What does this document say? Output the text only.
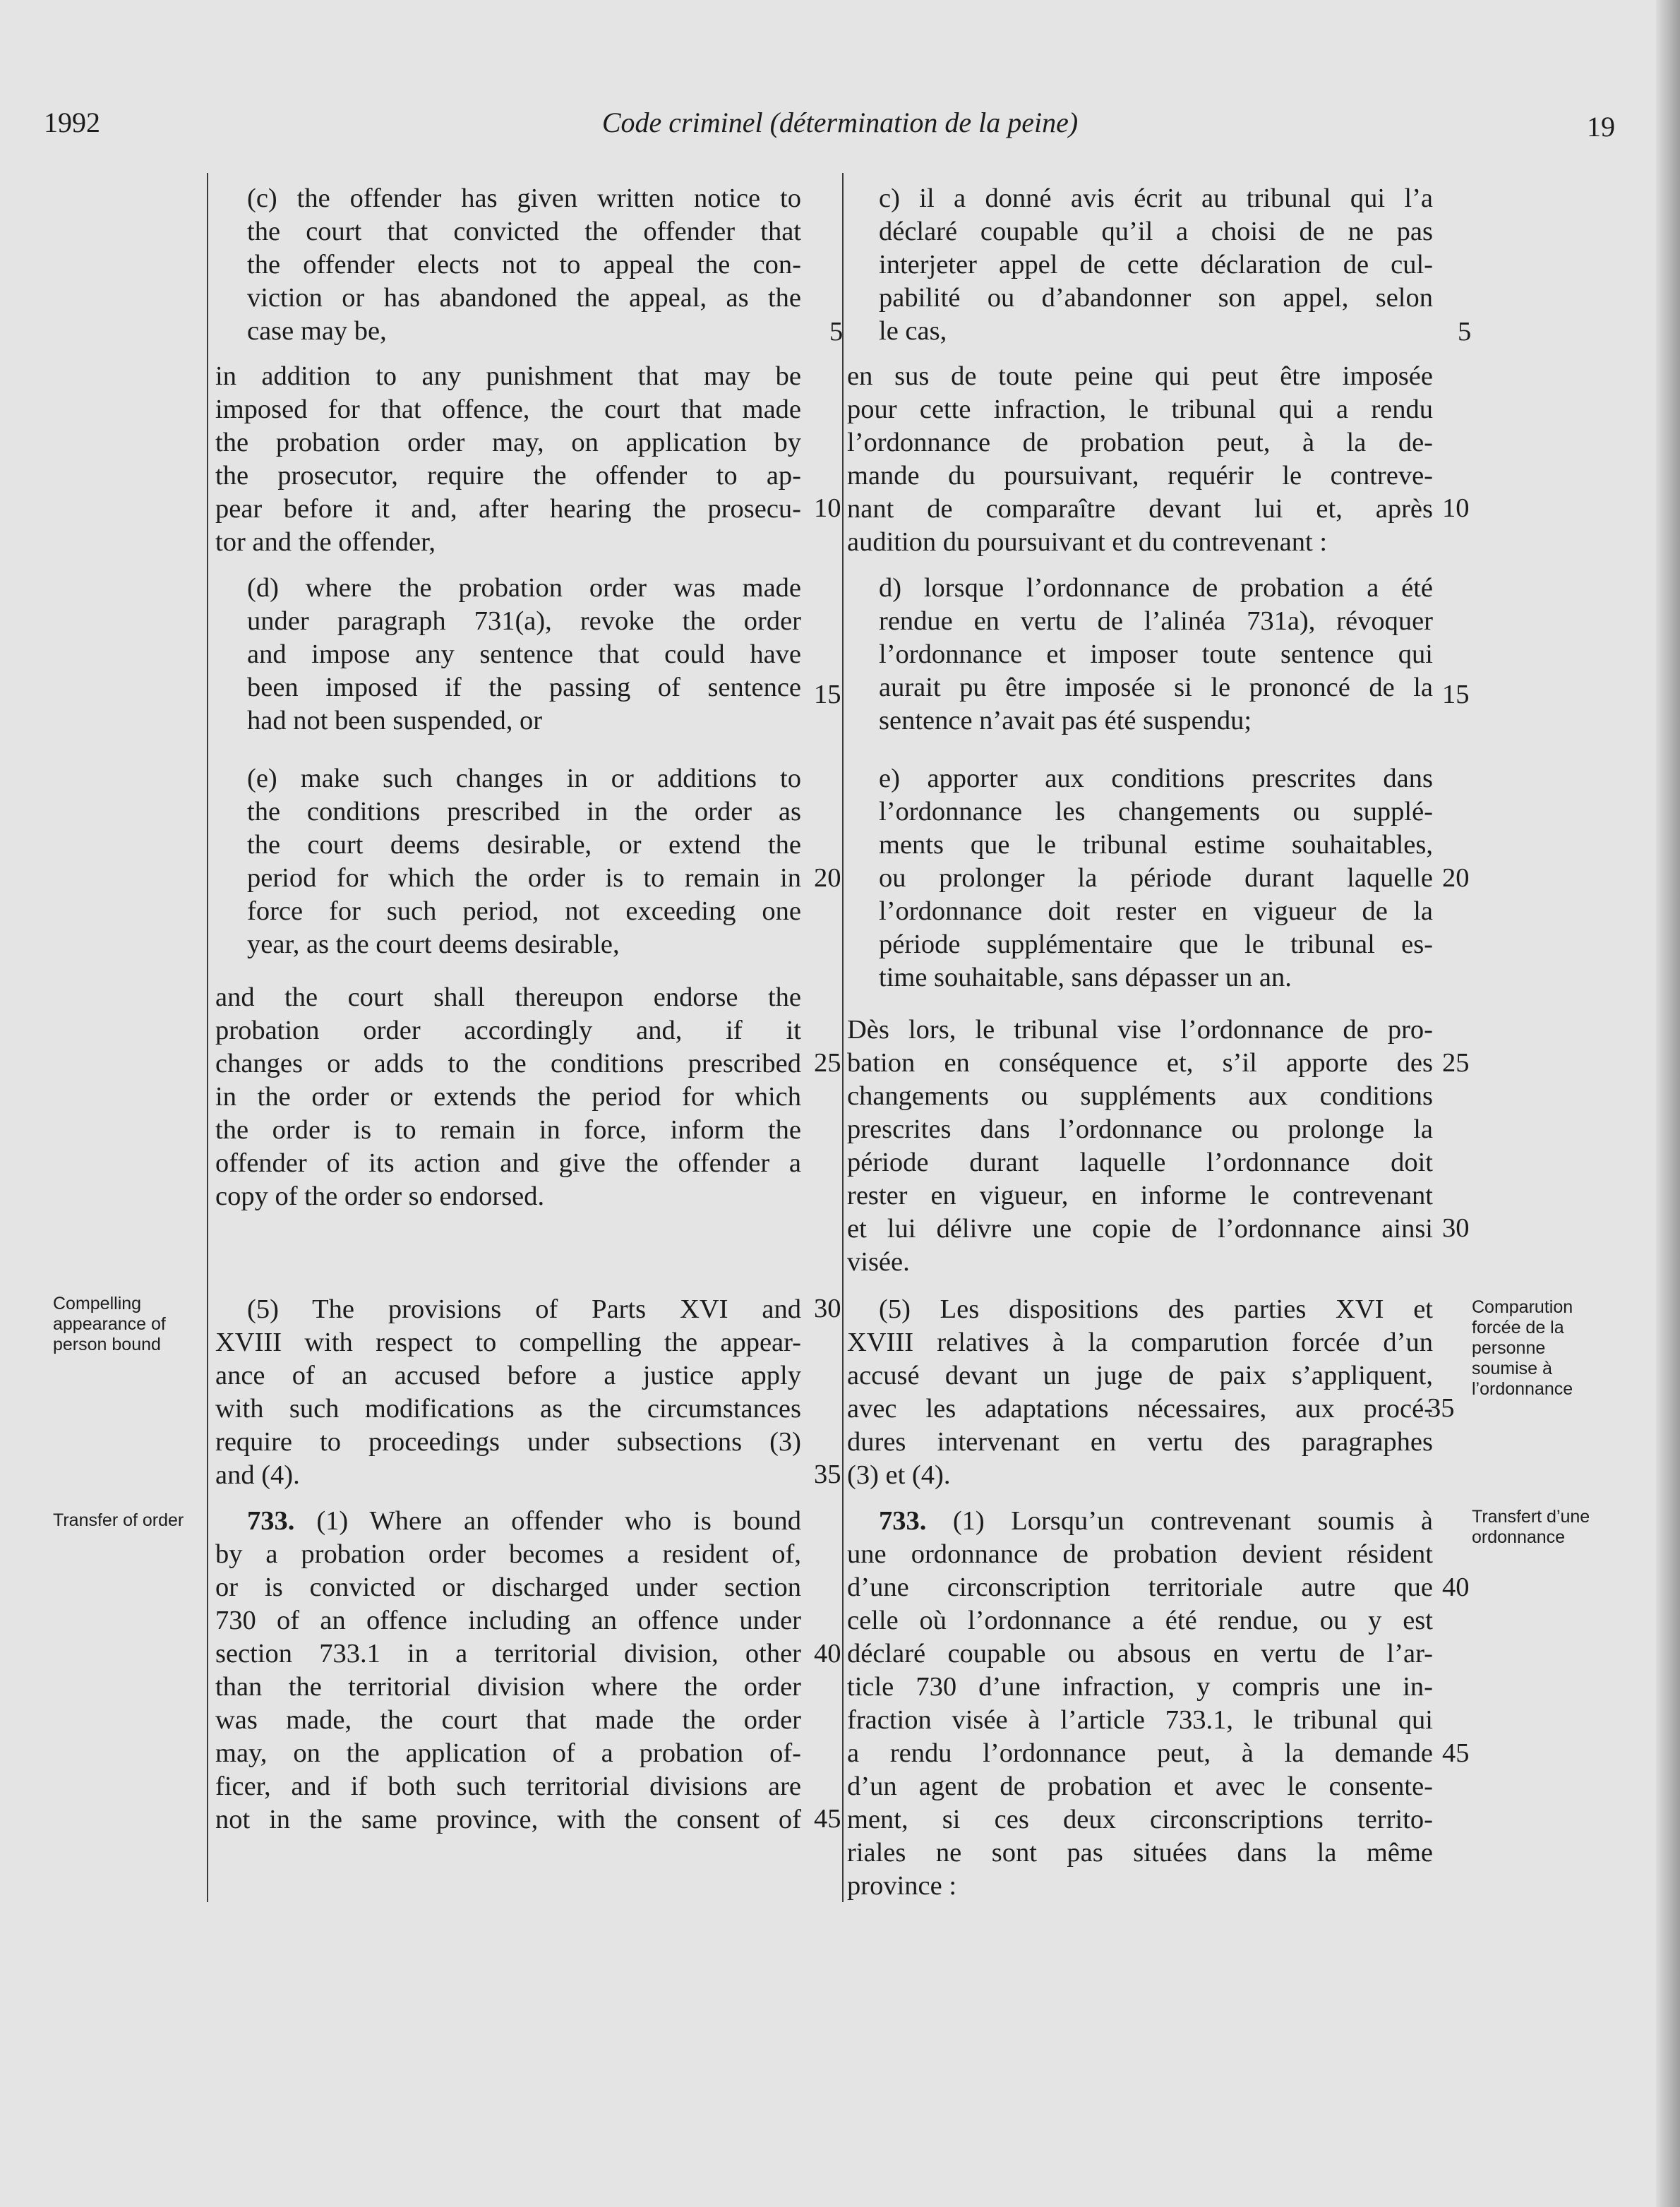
1992	Code criminel (détermination de la peine)	19
Compelling appearance of person bound
Transfer of order
Comparution forcée de la personne soumise à l’ordonnance
Transfert d’une ordonnance
(c) the offender has given written notice to
the court that convicted the offender that
the offender elects not to appeal the con-
viction or has abandoned the appeal, as the
case may be,
in addition to any punishment that may be
imposed for that offence, the court that made
the probation order may, on application by
the prosecutor, require the offender to ap-
pear before it and, after hearing the prosecu-
tor and the offender,
(d) where the probation order was made
under paragraph 731(a), revoke the order
and impose any sentence that could have
been imposed if the passing of sentence
had not been suspended, or
(e) make such changes in or additions to
the conditions prescribed in the order as
the court deems desirable, or extend the
period for which the order is to remain in
force for such period, not exceeding one
year, as the court deems desirable,
and the court shall thereupon endorse the
probation order accordingly and, if it
changes or adds to the conditions prescribed
in the order or extends the period for which
the order is to remain in force, inform the
offender of its action and give the offender a
copy of the order so endorsed.
(5) The provisions of Parts XVI and
XVIII with respect to compelling the appear-
ance of an accused before a justice apply
with such modifications as the circumstances
require to proceedings under subsections (3)
and (4).
733. (1) Where an offender who is bound
by a probation order becomes a resident of,
or is convicted or discharged under section
730 of an offence including an offence under
section 733.1 in a territorial division, other
than the territorial division where the order
was made, the court that made the order
may, on the application of a probation of-
ficer, and if both such territorial divisions are
not in the same province, with the consent of
5
10
15
20
25
30
35
40
45
c) il a donné avis écrit au tribunal qui l’a
déclaré coupable qu’il a choisi de ne pas
interjeter appel de cette déclaration de cul-
pabilité ou d’abandonner son appel, selon
le cas,
en sus de toute peine qui peut être imposée
pour cette infraction, le tribunal qui a rendu
l’ordonnance de probation peut, à la de-
mande du poursuivant, requérir le contreve-
nant de comparaître devant lui et, après
audition du poursuivant et du contrevenant :
d) lorsque l’ordonnance de probation a été
rendue en vertu de l’alinéa 731a), révoquer
l’ordonnance et imposer toute sentence qui
aurait pu être imposée si le prononcé de la
sentence n’avait pas été suspendu;
e) apporter aux conditions prescrites dans
l’ordonnance les changements ou supplé-
ments que le tribunal estime souhaitables,
ou prolonger la période durant laquelle
l’ordonnance doit rester en vigueur de la
période supplémentaire que le tribunal es-
time souhaitable, sans dépasser un an.
Dès lors, le tribunal vise l’ordonnance de pro-
bation en conséquence et, s’il apporte des
changements ou suppléments aux conditions
prescrites dans l’ordonnance ou prolonge la
période durant laquelle l’ordonnance doit
rester en vigueur, en informe le contrevenant
et lui délivre une copie de l’ordonnance ainsi
visée.
(5) Les dispositions des parties XVI et
XVIII relatives à la comparution forcée d’un
accusé devant un juge de paix s’appliquent,
avec les adaptations nécessaires, aux procé-
dures intervenant en vertu des paragraphes
(3) et (4).
733. (1) Lorsqu’un contrevenant soumis à
une ordonnance de probation devient résident
d’une circonscription territoriale autre que
celle où l’ordonnance a été rendue, ou y est
déclaré coupable ou absous en vertu de l’ar-
ticle 730 d’une infraction, y compris une in-
fraction visée à l’article 733.1, le tribunal qui
a rendu l’ordonnance peut, à la demande
d’un agent de probation et avec le consente-
ment, si ces deux circonscriptions territo-
riales ne sont pas situées dans la même
province :
5
10
15
20
25
30
35
40
45
